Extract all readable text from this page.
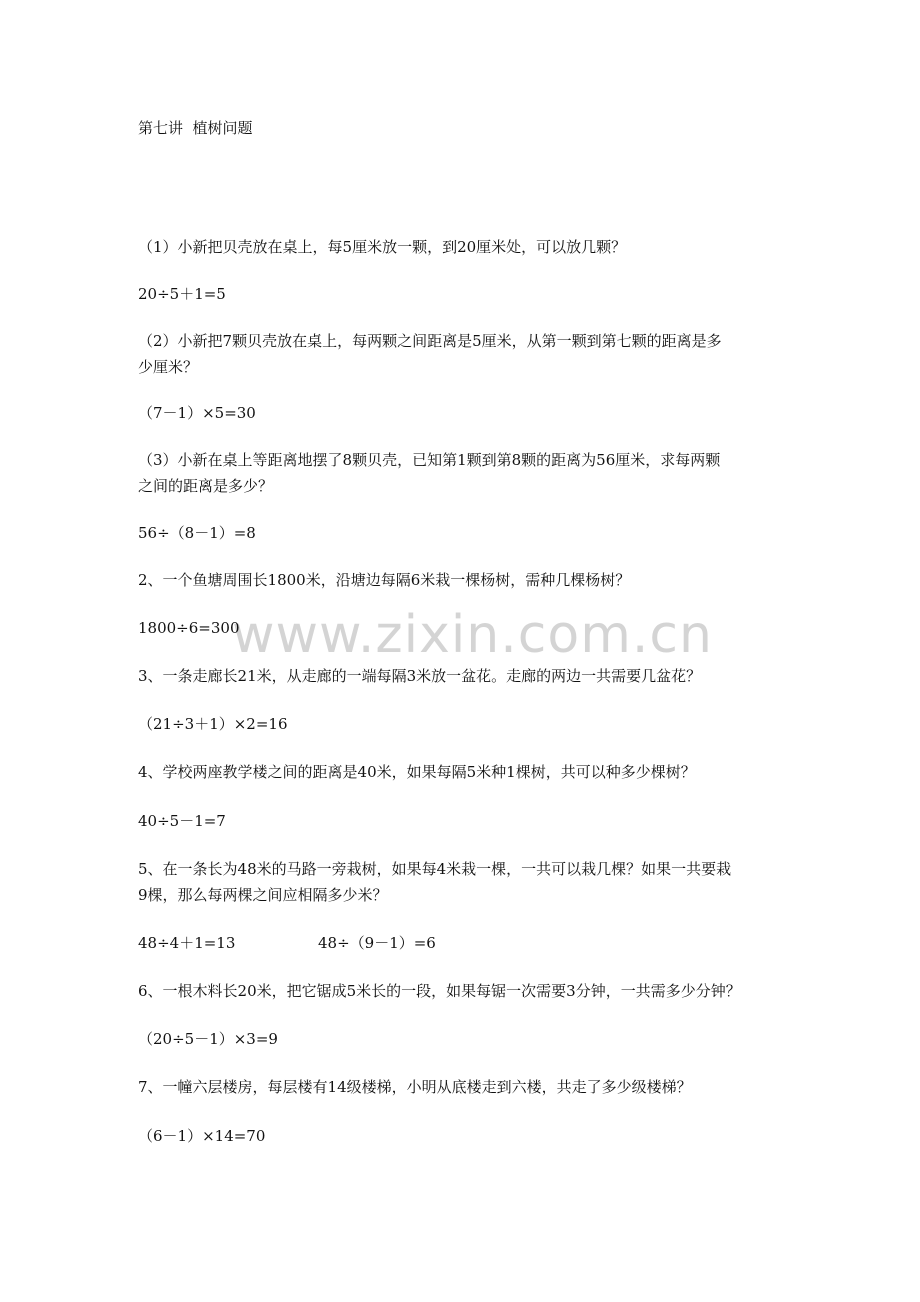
第七讲  植树问题
（1）小新把贝壳放在桌上，每5厘米放一颗，到20厘米处，可以放几颗？
20÷5＋1=5
（2）小新把7颗贝壳放在桌上，每两颗之间距离是5厘米，从第一颗到第七颗的距离是多
少厘米？
（7－1）×5=30
（3）小新在桌上等距离地摆了8颗贝壳，已知第1颗到第8颗的距离为56厘米，求每两颗
之间的距离是多少？
56÷（8－1）=8
2、一个鱼塘周围长1800米，沿塘边每隔6米栽一棵杨树，需种几棵杨树？
www.zixin.com.cn
1800÷6=300
3、一条走廊长21米，从走廊的一端每隔3米放一盆花。走廊的两边一共需要几盆花？
（21÷3＋1）×2=16
4、学校两座教学楼之间的距离是40米，如果每隔5米种1棵树，共可以种多少棵树？
40÷5－1=7
5、在一条长为48米的马路一旁栽树，如果每4米栽一棵，一共可以栽几棵？如果一共要栽
9棵，那么每两棵之间应相隔多少米？
48÷4＋1=13	48÷（9－1）=6
6、一根木料长20米，把它锯成5米长的一段，如果每锯一次需要3分钟，一共需多少分钟？
（20÷5－1）×3=9
7、一幢六层楼房，每层楼有14级楼梯，小明从底楼走到六楼，共走了多少级楼梯？
（6－1）×14=70
